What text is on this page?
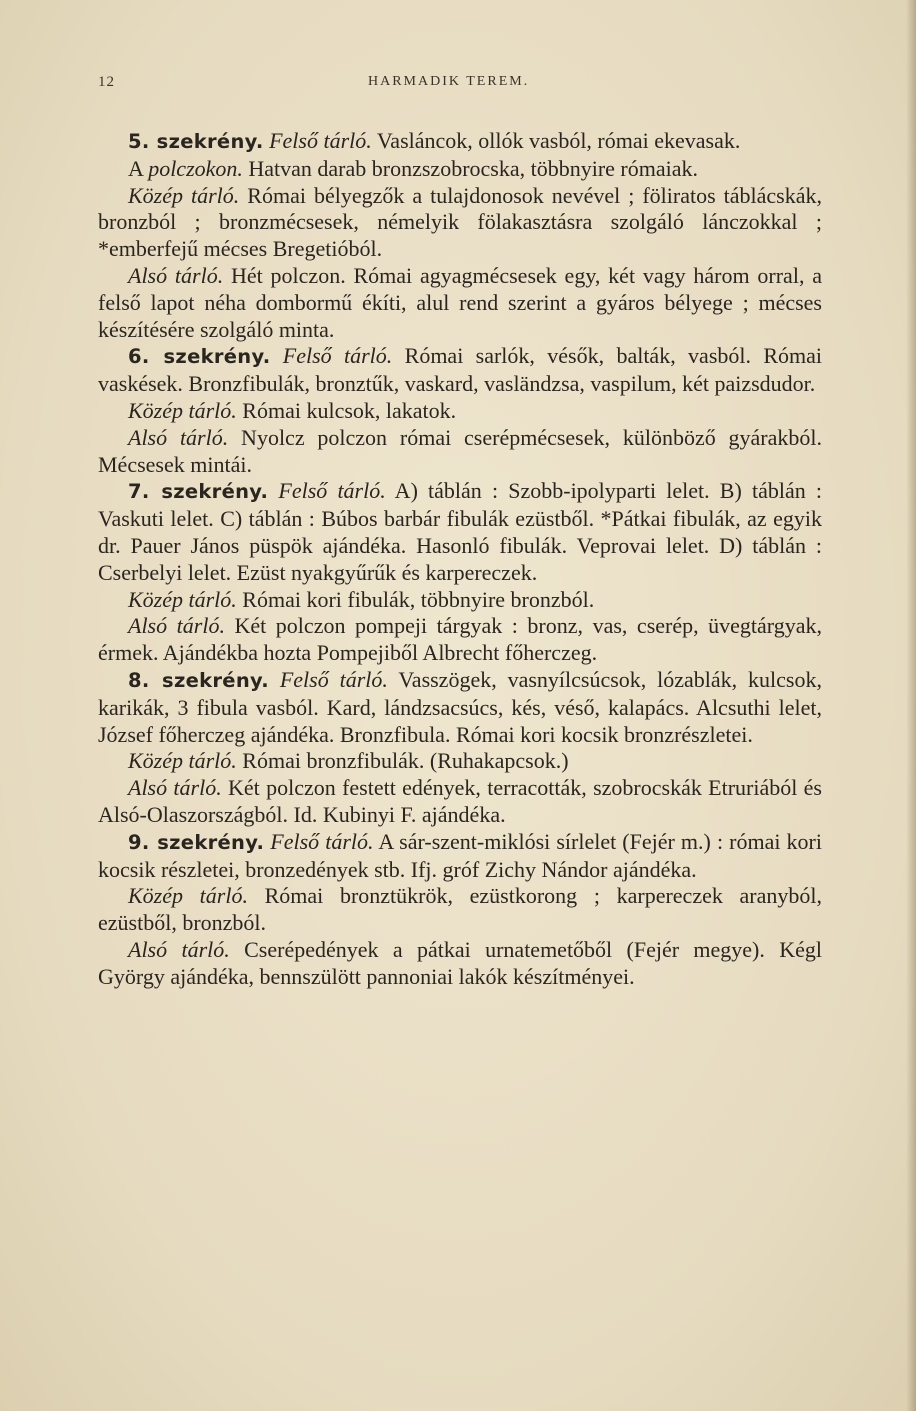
12	HARMADIK TEREM.

5. szekrény. Felső tárló. Vasláncok, ollók vasból, római ekevasak.

A polczokon. Hatvan darab bronzszobrocska, többnyire rómaiak.

Közép tárló. Római bélyegzők a tulajdonosok nevével ; föliratos táblácskák, bronzból ; bronzmécsesek, némelyik fölakasztásra szolgáló lánczokkal ; *emberfejű mécses Bregetióból.

Alsó tárló. Hét polczon. Római agyagmécsesek egy, két vagy három orral, a felső lapot néha dombormű ékíti, alul rend szerint a gyáros bélyege ; mécses készítésére szolgáló minta.

6. szekrény. Felső tárló. Római sarlók, vésők, balták, vasból. Római vaskések. Bronzfibulák, bronztűk, vaskard, vasländzsa, vaspilum, két paizsdudor.

Közép tárló. Római kulcsok, lakatok.

Alsó tárló. Nyolcz polczon római cserépmécsesek, különböző gyárakból. Mécsesek mintái.

7. szekrény. Felső tárló. A) táblán : Szobb-ipolyparti lelet. B) táblán : Vaskuti lelet. C) táblán : Búbos barbár fibulák ezüstből. *Pátkai fibulák, az egyik dr. Pauer János püspök ajándéka. Hasonló fibulák. Veprovai lelet. D) táblán : Cserbelyi lelet. Ezüst nyakgyűrűk és karpereczek.

Közép tárló. Római kori fibulák, többnyire bronzból.

Alsó tárló. Két polczon pompeji tárgyak : bronz, vas, cserép, üvegtárgyak, érmek. Ajándékba hozta Pompejiből Albrecht főherczeg.

8. szekrény. Felső tárló. Vasszögek, vasnyílcsúcsok, lózablák, kulcsok, karikák, 3 fibula vasból. Kard, lándzsacsúcs, kés, véső, kalapács. Alcsuthi lelet, József főherczeg ajándéka. Bronzfibula. Római kori kocsik bronzrészletei.

Közép tárló. Római bronzfibulák. (Ruhakapcsok.)

Alsó tárló. Két polczon festett edények, terracották, szobrocskák Etruriából és Alsó-Olaszországból. Id. Kubinyi F. ajándéka.

9. szekrény. Felső tárló. A sár-szent-miklósi sírlelet (Fejér m.) : római kori kocsik részletei, bronzedények stb. Ifj. gróf Zichy Nándor ajándéka.

Közép tárló. Római bronztükrök, ezüstkorong ; karpereczek aranyból, ezüstből, bronzból.

Alsó tárló. Cserépedények a pátkai urnatemetőből (Fejér megye). Kégl György ajándéka, bennszülött pannoniai lakók készítményei.
